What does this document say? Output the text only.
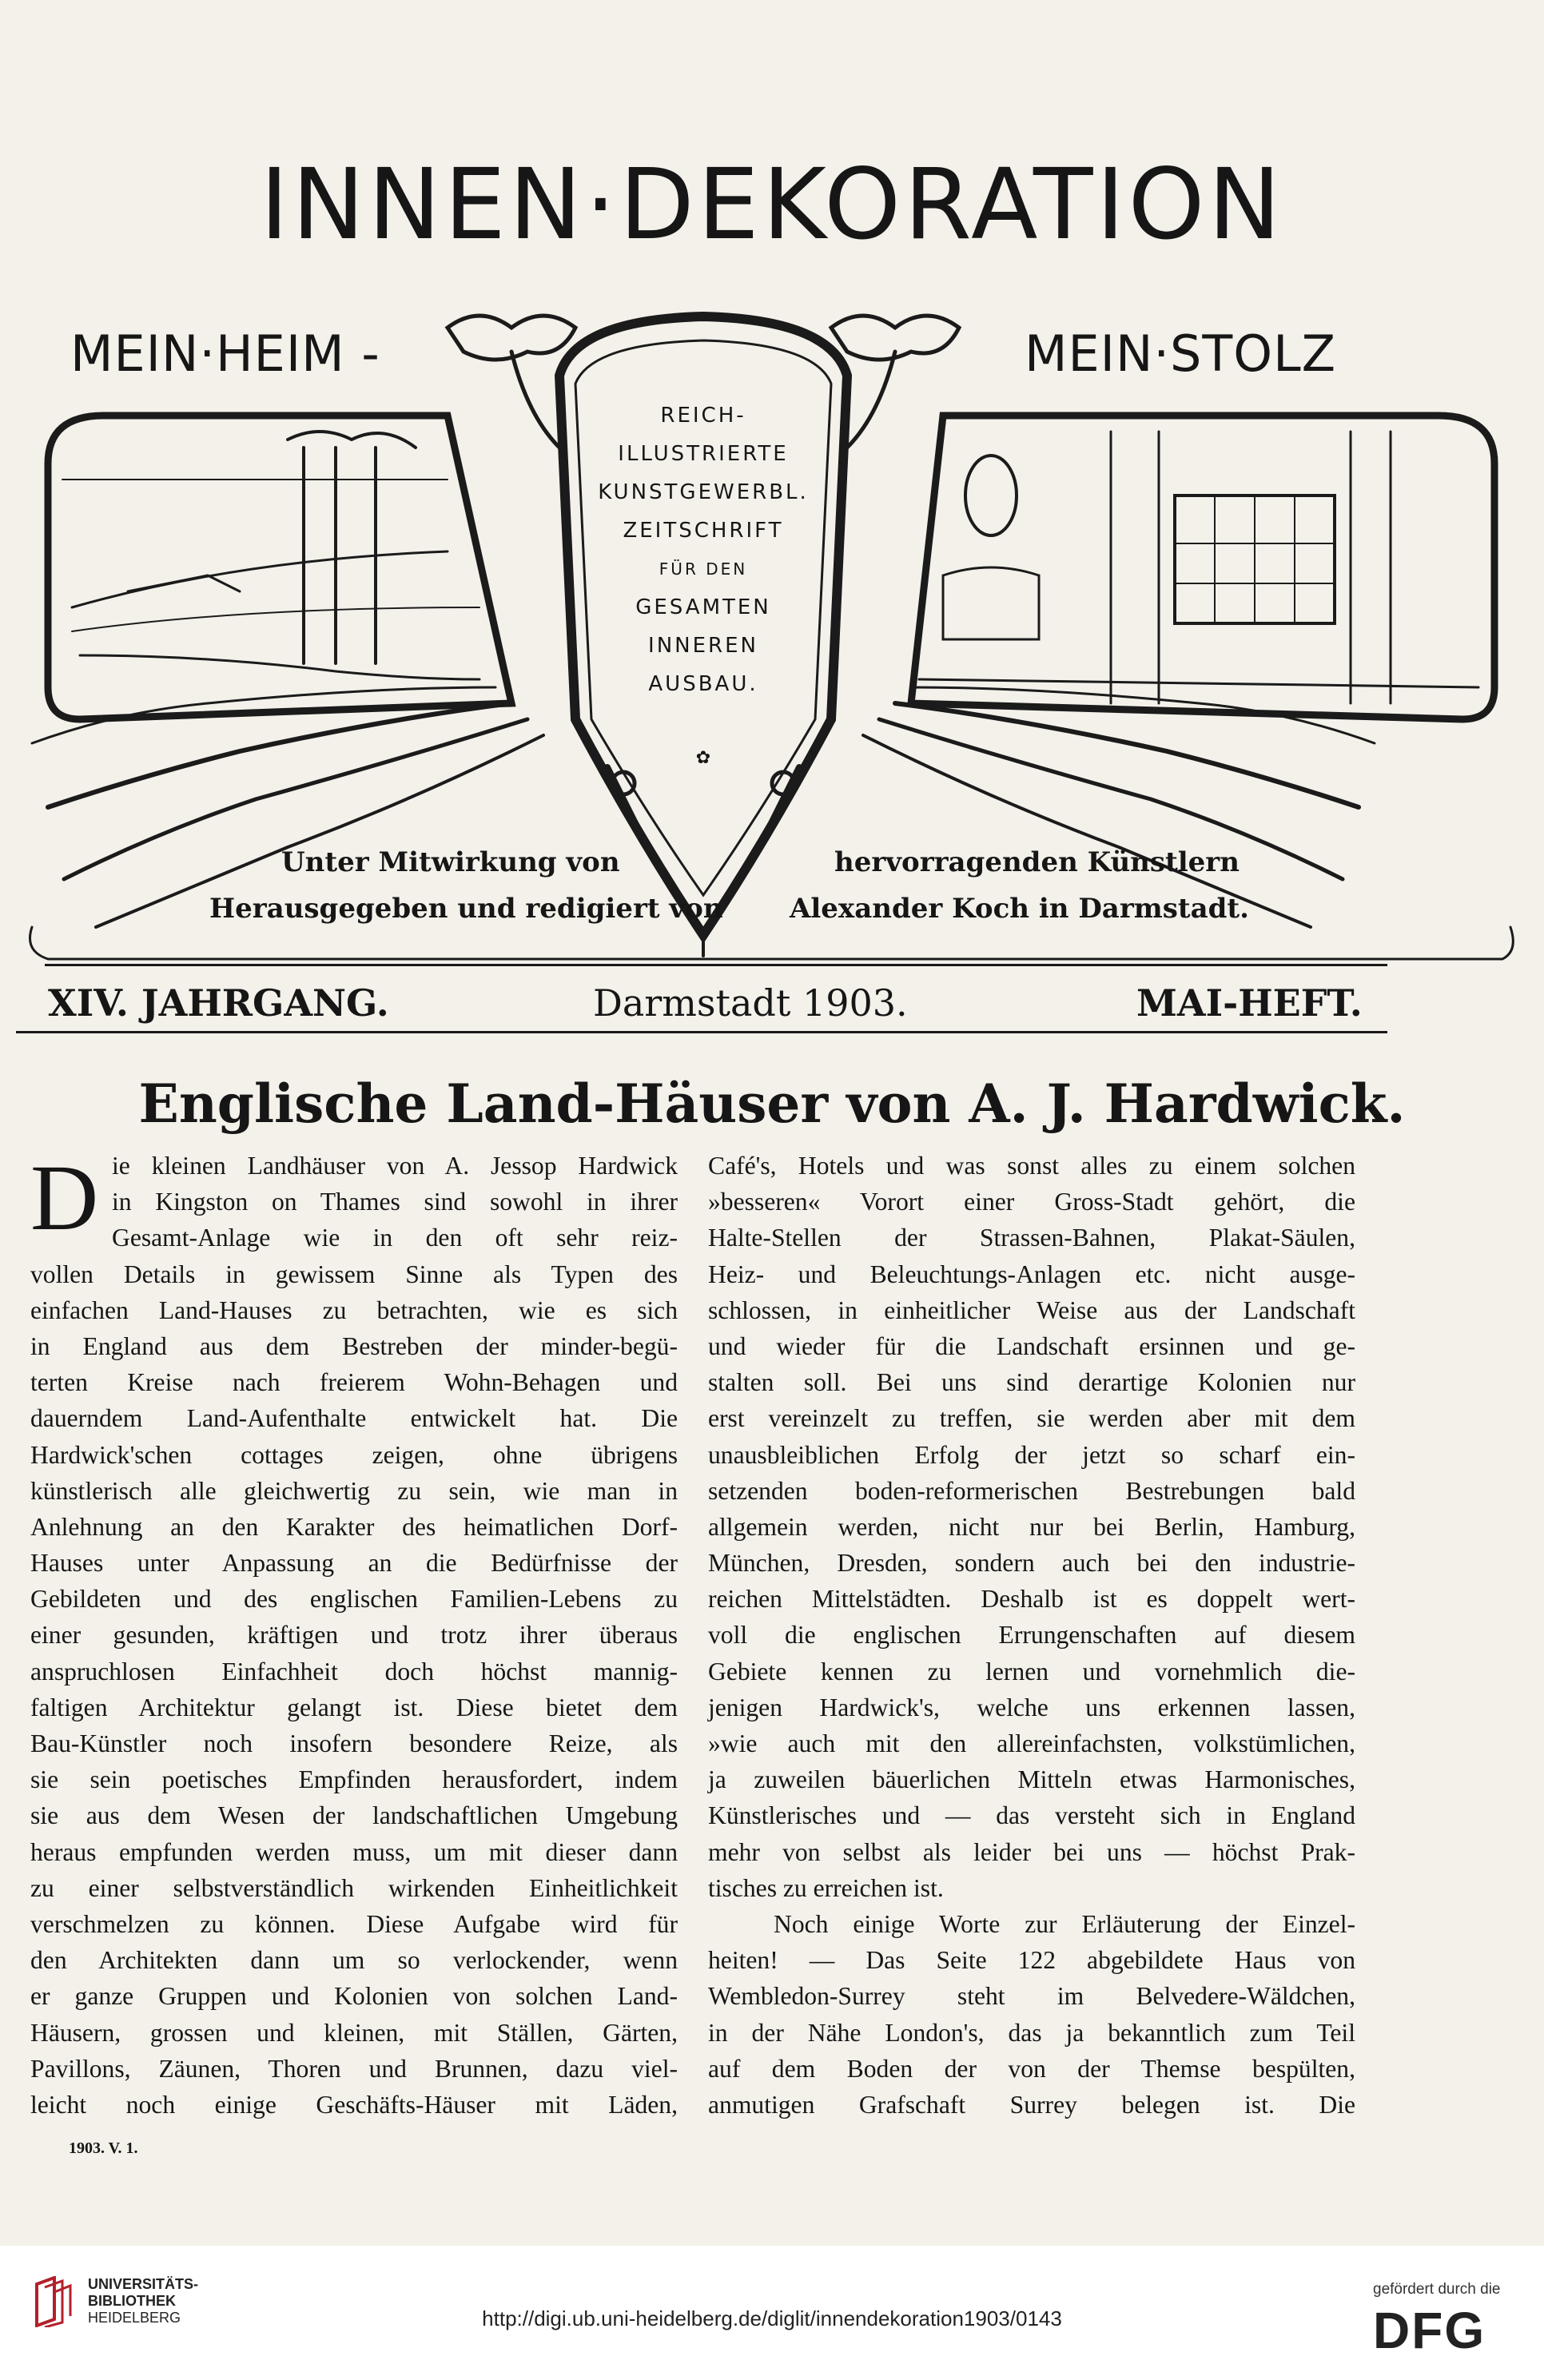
INNEN·DEKORATION
MEIN·HEIM -	MEIN·STOLZ
REICH-
ILLUSTRIERTE
KUNSTGEWERBL.
ZEITSCHRIFT
FÜR DEN
GESAMTEN
INNEREN
AUSBAU.
✿
Unter Mitwirkung von
Herausgegeben und redigiert von
hervorragenden Künstlern
Alexander Koch in Darmstadt.
XIV. JAHRGANG.	Darmstadt 1903.	MAI-HEFT.
Englische Land-Häuser von A. J. Hardwick.
D ie kleinen Landhäuser von A. Jessop Hardwick
in Kingston on Thames sind sowohl in ihrer
Gesamt-Anlage wie in den oft sehr reiz-
vollen Details in gewissem Sinne als Typen des
einfachen Land-Hauses zu betrachten, wie es sich
in England aus dem Bestreben der minder-begü-
terten Kreise nach freierem Wohn-Behagen und
dauerndem Land-Aufenthalte entwickelt hat. Die
Hardwick'schen cottages zeigen, ohne übrigens
künstlerisch alle gleichwertig zu sein, wie man in
Anlehnung an den Karakter des heimatlichen Dorf-
Hauses unter Anpassung an die Bedürfnisse der
Gebildeten und des englischen Familien-Lebens zu
einer gesunden, kräftigen und trotz ihrer überaus
anspruchlosen Einfachheit doch höchst mannig-
faltigen Architektur gelangt ist. Diese bietet dem
Bau-Künstler noch insofern besondere Reize, als
sie sein poetisches Empfinden herausfordert, indem
sie aus dem Wesen der landschaftlichen Umgebung
heraus empfunden werden muss, um mit dieser dann
zu einer selbstverständlich wirkenden Einheitlichkeit
verschmelzen zu können. Diese Aufgabe wird für
den Architekten dann um so verlockender, wenn
er ganze Gruppen und Kolonien von solchen Land-
Häusern, grossen und kleinen, mit Ställen, Gärten,
Pavillons, Zäunen, Thoren und Brunnen, dazu viel-
leicht noch einige Geschäfts-Häuser mit Läden,
Café's, Hotels und was sonst alles zu einem solchen
»besseren« Vorort einer Gross-Stadt gehört, die
Halte-Stellen der Strassen-Bahnen, Plakat-Säulen,
Heiz- und Beleuchtungs-Anlagen etc. nicht ausge-
schlossen, in einheitlicher Weise aus der Landschaft
und wieder für die Landschaft ersinnen und ge-
stalten soll. Bei uns sind derartige Kolonien nur
erst vereinzelt zu treffen, sie werden aber mit dem
unausbleiblichen Erfolg der jetzt so scharf ein-
setzenden boden-reformerischen Bestrebungen bald
allgemein werden, nicht nur bei Berlin, Hamburg,
München, Dresden, sondern auch bei den industrie-
reichen Mittelstädten. Deshalb ist es doppelt wert-
voll die englischen Errungenschaften auf diesem
Gebiete kennen zu lernen und vornehmlich die-
jenigen Hardwick's, welche uns erkennen lassen,
»wie auch mit den allereinfachsten, volkstümlichen,
ja zuweilen bäuerlichen Mitteln etwas Harmonisches,
Künstlerisches und — das versteht sich in England
mehr von selbst als leider bei uns — höchst Prak-
tisches zu erreichen ist.
Noch einige Worte zur Erläuterung der Einzel-
heiten! — Das Seite 122 abgebildete Haus von
Wembledon-Surrey steht im Belvedere-Wäldchen,
in der Nähe London's, das ja bekanntlich zum Teil
auf dem Boden der von der Themse bespülten,
anmutigen Grafschaft Surrey belegen ist. Die
1903. V. 1.
UNIVERSITÄTS-
BIBLIOTHEK
HEIDELBERG	http://digi.ub.uni-heidelberg.de/diglit/innendekoration1903/0143
gefördert durch die
DFG
